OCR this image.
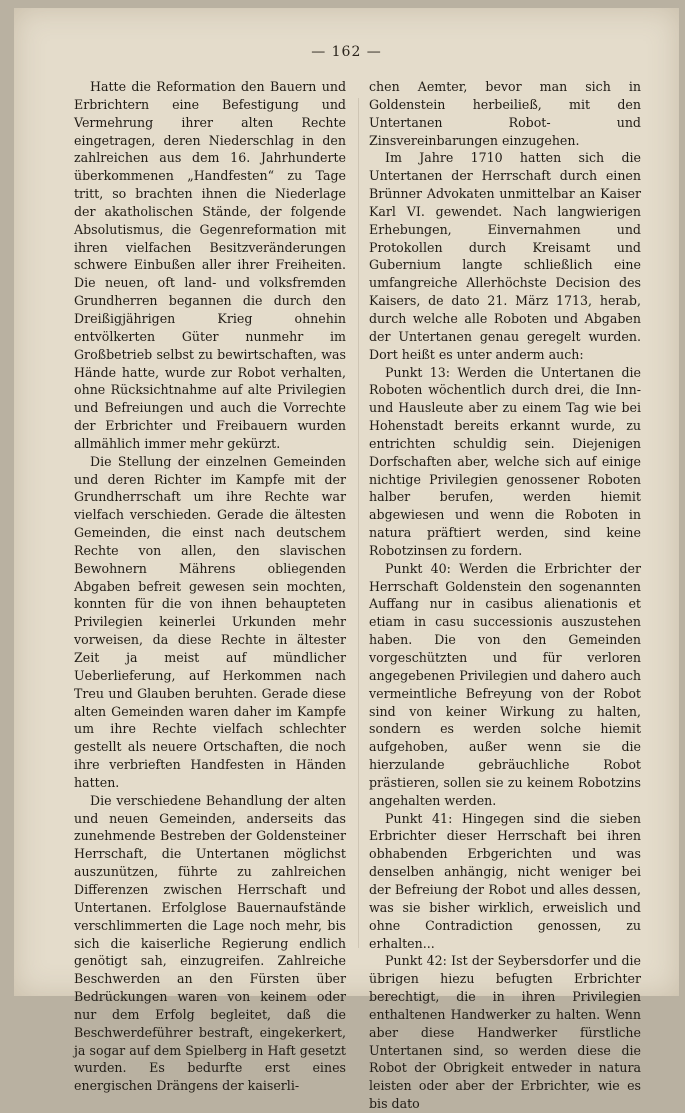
— 162 —

Hatte die Reformation den Bauern und Erbrichtern eine Befestigung und Vermehrung ihrer alten Rechte eingetragen, deren Niederschlag in den zahlreichen aus dem 16. Jahrhunderte überkommenen „Handfesten“ zu Tage tritt, so brachten ihnen die Niederlage der akatholischen Stände, der folgende Absolutismus, die Gegenreformation mit ihren vielfachen Besitzveränderungen schwere Einbußen aller ihrer Freiheiten. Die neuen, oft land- und volksfremden Grundherren begannen die durch den Dreißigjährigen Krieg ohnehin entvölkerten Güter nunmehr im Großbetrieb selbst zu bewirtschaften, was Hände hatte, wurde zur Robot verhalten, ohne Rücksichtnahme auf alte Privilegien und Befreiungen und auch die Vorrechte der Erbrichter und Freibauern wurden allmählich immer mehr gekürzt.

Die Stellung der einzelnen Gemeinden und deren Richter im Kampfe mit der Grundherrschaft um ihre Rechte war vielfach verschieden. Gerade die ältesten Gemeinden, die einst nach deutschem Rechte von allen, den slavischen Bewohnern Mährens obliegenden Abgaben befreit gewesen sein mochten, konnten für die von ihnen behaupteten Privilegien keinerlei Urkunden mehr vorweisen, da diese Rechte in ältester Zeit ja meist auf mündlicher Ueberlieferung, auf Herkommen nach Treu und Glauben beruhten. Gerade diese alten Gemeinden waren daher im Kampfe um ihre Rechte vielfach schlechter gestellt als neuere Ortschaften, die noch ihre verbrieften Handfesten in Händen hatten.

Die verschiedene Behandlung der alten und neuen Gemeinden, anderseits das zunehmende Bestreben der Goldensteiner Herrschaft, die Untertanen möglichst auszunützen, führte zu zahlreichen Differenzen zwischen Herrschaft und Untertanen. Erfolglose Bauernaufstände verschlimmerten die Lage noch mehr, bis sich die kaiserliche Regierung endlich genötigt sah, einzugreifen. Zahlreiche Beschwerden an den Fürsten über Bedrückungen waren von keinem oder nur dem Erfolg begleitet, daß die Beschwerdeführer bestraft, eingekerkert, ja sogar auf dem Spielberg in Haft gesetzt wurden. Es bedurfte erst eines energischen Drängens der kaiserli-

chen Aemter, bevor man sich in Goldenstein herbeiließ, mit den Untertanen Robot- und Zinsvereinbarungen einzugehen.

Im Jahre 1710 hatten sich die Untertanen der Herrschaft durch einen Brünner Advokaten unmittelbar an Kaiser Karl VI. gewendet. Nach langwierigen Erhebungen, Einvernahmen und Protokollen durch Kreisamt und Gubernium langte schließlich eine umfangreiche Allerhöchste Decision des Kaisers, de dato 21. März 1713, herab, durch welche alle Roboten und Abgaben der Untertanen genau geregelt wurden. Dort heißt es unter anderm auch:

Punkt 13: Werden die Untertanen die Roboten wöchentlich durch drei, die Inn- und Hausleute aber zu einem Tag wie bei Hohenstadt bereits erkannt wurde, zu entrichten schuldig sein. Diejenigen Dorfschaften aber, welche sich auf einige nichtige Privilegien genossener Roboten halber berufen, werden hiemit abgewiesen und wenn die Roboten in natura präftiert werden, sind keine Robotzinsen zu fordern.

Punkt 40: Werden die Erbrichter der Herrschaft Goldenstein den sogenannten Auffang nur in casibus alienationis et etiam in casu successionis auszustehen haben. Die von den Gemeinden vorgeschützten und für verloren angegebenen Privilegien und dahero auch vermeintliche Befreyung von der Robot sind von keiner Wirkung zu halten, sondern es werden solche hiemit aufgehoben, außer wenn sie die hierzulande gebräuchliche Robot prästieren, sollen sie zu keinem Robotzins angehalten werden.

Punkt 41: Hingegen sind die sieben Erbrichter dieser Herrschaft bei ihren obhabenden Erbgerichten und was denselben anhängig, nicht weniger bei der Befreiung der Robot und alles dessen, was sie bisher wirklich, erweislich und ohne Contradiction genossen, zu erhalten...

Punkt 42: Ist der Seybersdorfer und die übrigen hiezu befugten Erbrichter berechtigt, die in ihren Privilegien enthaltenen Handwerker zu halten. Wenn aber diese Handwerker fürstliche Untertanen sind, so werden diese die Robot der Obrigkeit entweder in natura leisten oder aber der Erbrichter, wie es bis dato
